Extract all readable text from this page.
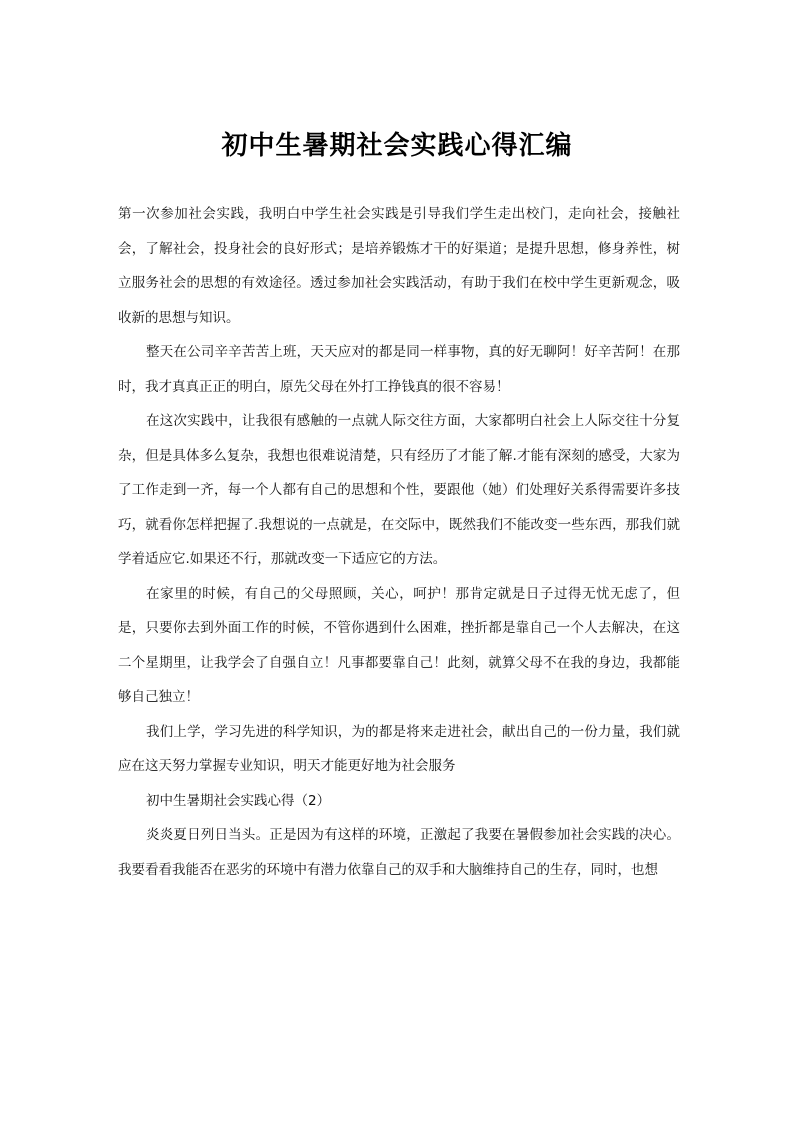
初中生暑期社会实践心得汇编

第一次参加社会实践，我明白中学生社会实践是引导我们学生走出校门，走向社会，接触社会，了解社会，投身社会的良好形式；是培养锻炼才干的好渠道；是提升思想，修身养性，树立服务社会的思想的有效途径。透过参加社会实践活动，有助于我们在校中学生更新观念，吸收新的思想与知识。

整天在公司辛辛苦苦上班，天天应对的都是同一样事物，真的好无聊阿！好辛苦阿！在那时，我才真真正正的明白，原先父母在外打工挣钱真的很不容易！

在这次实践中，让我很有感触的一点就人际交往方面，大家都明白社会上人际交往十分复杂，但是具体多么复杂，我想也很难说清楚，只有经历了才能了解.才能有深刻的感受，大家为了工作走到一齐，每一个人都有自己的思想和个性，要跟他（她）们处理好关系得需要许多技巧，就看你怎样把握了.我想说的一点就是，在交际中，既然我们不能改变一些东西，那我们就学着适应它.如果还不行，那就改变一下适应它的方法。

在家里的时候，有自己的父母照顾，关心，呵护！那肯定就是日子过得无忧无虑了，但是，只要你去到外面工作的时候，不管你遇到什么困难，挫折都是靠自己一个人去解决，在这二个星期里，让我学会了自强自立！凡事都要靠自己！此刻，就算父母不在我的身边，我都能够自己独立！

我们上学，学习先进的科学知识，为的都是将来走进社会，献出自己的一份力量，我们就应在这天努力掌握专业知识，明天才能更好地为社会服务

初中生暑期社会实践心得（2）

炎炎夏日列日当头。正是因为有这样的环境，正激起了我要在暑假参加社会实践的决心。我要看看我能否在恶劣的环境中有潜力依靠自己的双手和大脑维持自己的生存，同时，也想
